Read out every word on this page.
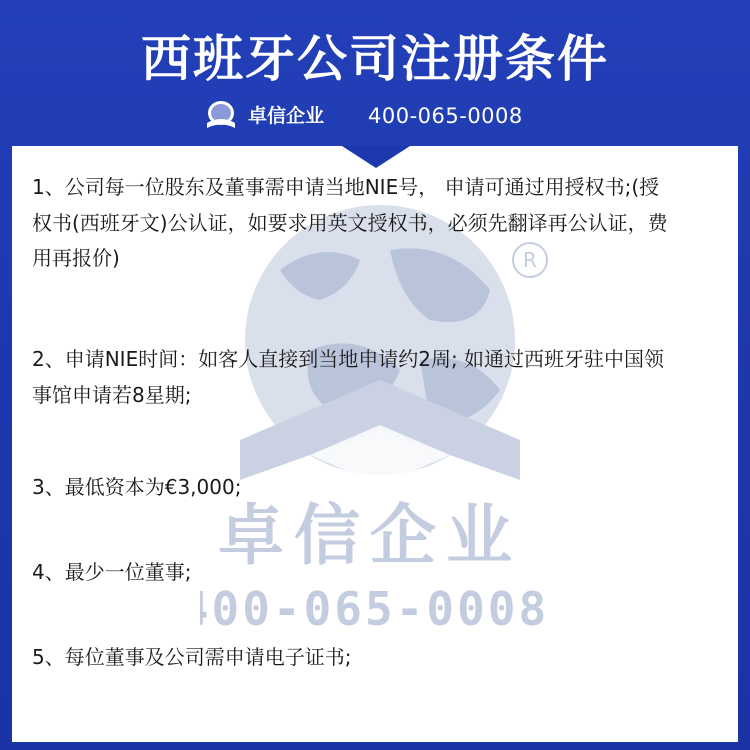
西班牙公司注册条件
卓信企业 400-065-0008
R
卓信企业
400-065-0008
1、公司每一位股东及董事需申请当地NIE号， 申请可通过用授权书;(授
权书(西班牙文)公认证，如要求用英文授权书，必须先翻译再公认证，费
用再报价)
2、申请NIE时间：如客人直接到当地申请约2周; 如通过西班牙驻中国领
事馆申请若8星期;
3、最低资本为€3,000;
4、最少一位董事;
5、每位董事及公司需申请电子证书;
